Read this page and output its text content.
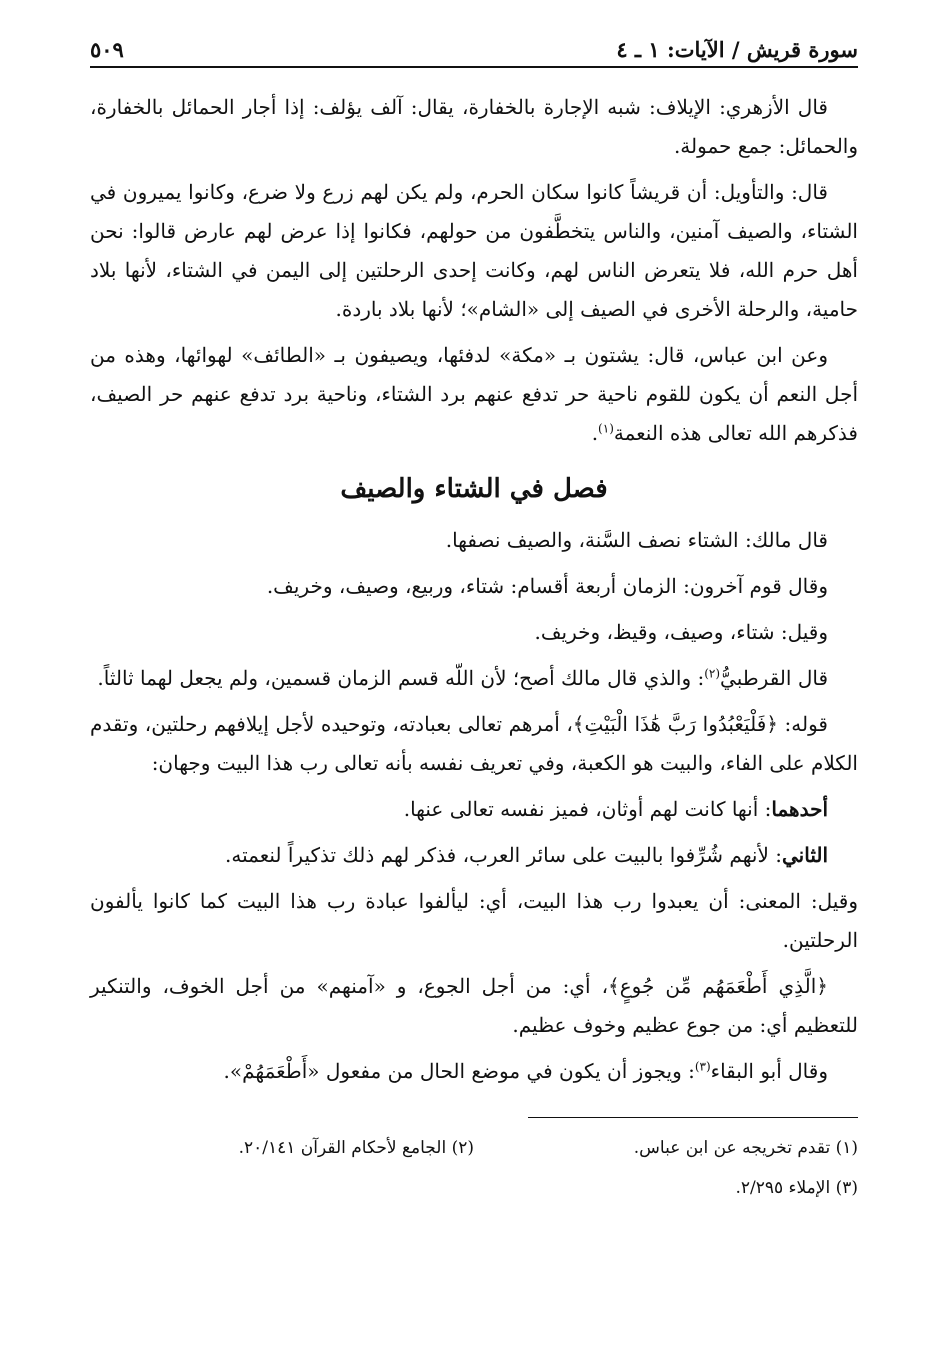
سورة قريش / الآيات: ١ ـ ٤
٥٠٩

قال الأزهري: الإيلاف: شبه الإجارة بالخفارة، يقال: آلف يؤلف: إذا أجار الحمائل بالخفارة، والحمائل: جمع حمولة.

قال: والتأويل: أن قريشاً كانوا سكان الحرم، ولم يكن لهم زرع ولا ضرع، وكانوا يميرون في الشتاء، والصيف آمنين، والناس يتخطَّفون من حولهم، فكانوا إذا عرض لهم عارض قالوا: نحن أهل حرم الله، فلا يتعرض الناس لهم، وكانت إحدى الرحلتين إلى اليمن في الشتاء، لأنها بلاد حامية، والرحلة الأخرى في الصيف إلى «الشام»؛ لأنها بلاد باردة.

وعن ابن عباس، قال: يشتون بـ «مكة» لدفئها، ويصيفون بـ «الطائف» لهوائها، وهذه من أجل النعم أن يكون للقوم ناحية حر تدفع عنهم برد الشتاء، وناحية برد تدفع عنهم حر الصيف، فذكرهم الله تعالى هذه النعمة$^{(١)}$.

فصل في الشتاء والصيف

قال مالك: الشتاء نصف السَّنة، والصيف نصفها.

وقال قوم آخرون: الزمان أربعة أقسام: شتاء، وربيع، وصيف، وخريف.

وقيل: شتاء، وصيف، وقيظ، وخريف.

قال القرطبيُّ$^{(٢)}$: والذي قال مالك أصح؛ لأن اللّه قسم الزمان قسمين، ولم يجعل لهما ثالثاً.

قوله: ﴿فَلْيَعْبُدُوا رَبَّ هَٰذَا الْبَيْتِ﴾، أمرهم تعالى بعبادته، وتوحيده لأجل إيلافهم رحلتين، وتقدم الكلام على الفاء، والبيت هو الكعبة، وفي تعريف نفسه بأنه تعالى رب هذا البيت وجهان:

أحدهما: أنها كانت لهم أوثان، فميز نفسه تعالى عنها.

الثاني: لأنهم شُرِّفوا بالبيت على سائر العرب، فذكر لهم ذلك تذكيراً لنعمته.

وقيل: المعنى: أن يعبدوا رب هذا البيت، أي: ليألفوا عبادة رب هذا البيت كما كانوا يألفون الرحلتين.

﴿الَّذِي أَطْعَمَهُم مِّن جُوعٍ﴾، أي: من أجل الجوع، و «آمنهم» من أجل الخوف، والتنكير للتعظيم أي: من جوع عظيم وخوف عظيم.

وقال أبو البقاء$^{(٣)}$: ويجوز أن يكون في موضع الحال من مفعول «أَطْعَمَهُمْ».

(١) تقدم تخريجه عن ابن عباس.
(٢) الجامع لأحكام القرآن ٢٠/١٤١.
(٣) الإملاء ٢/٢٩٥.
